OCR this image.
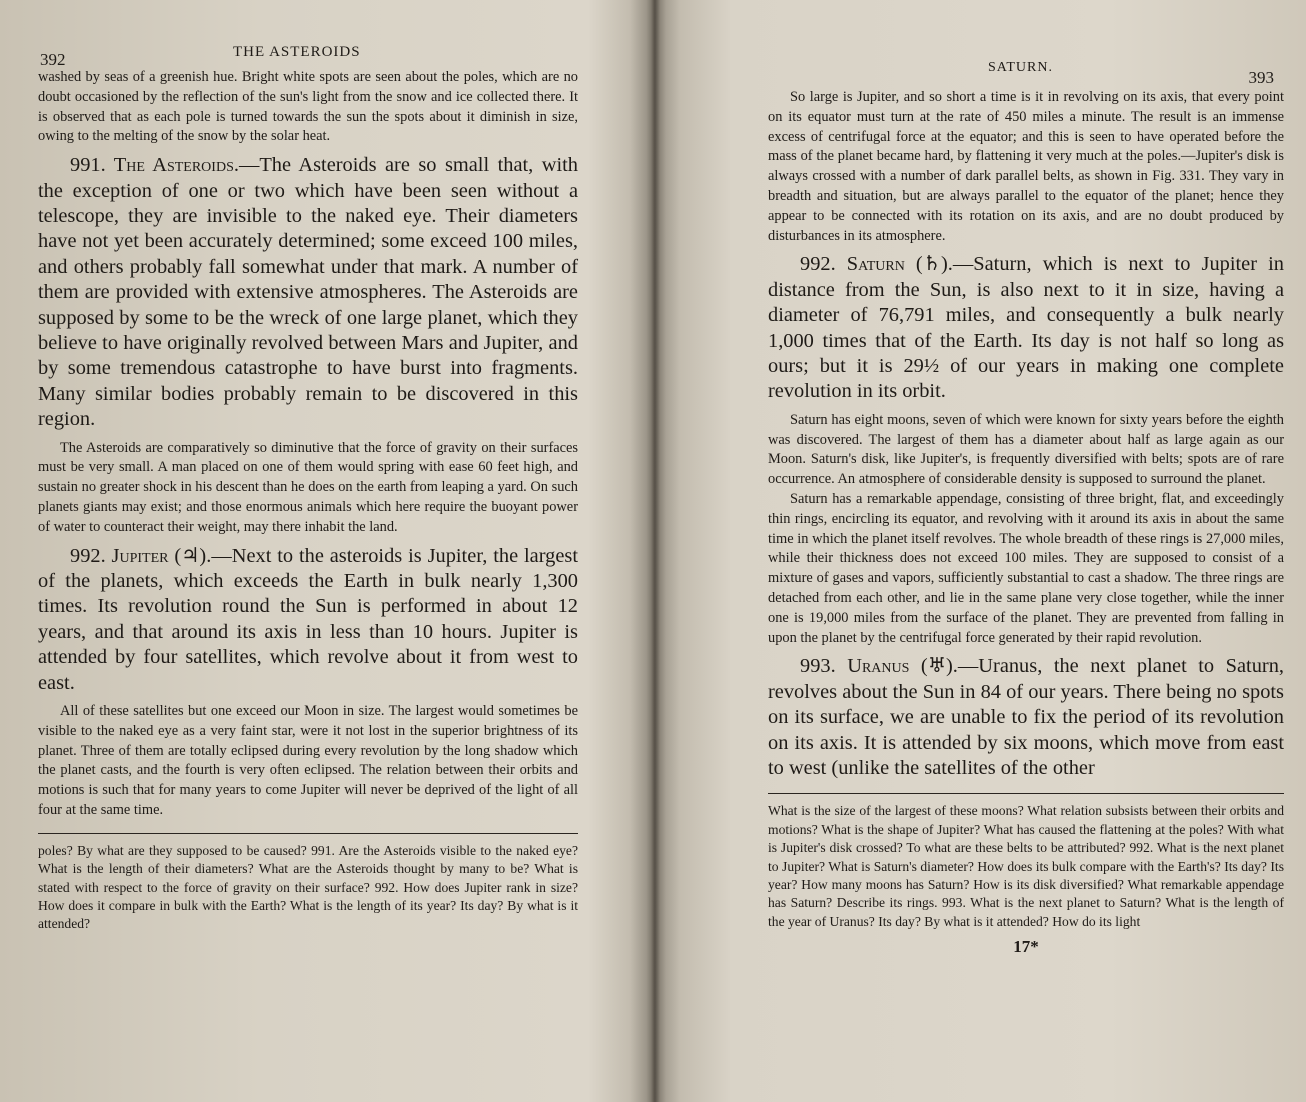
392	THE ASTEROIDS

washed by seas of a greenish hue. Bright white spots are seen about the poles, which are no doubt occasioned by the reflection of the sun's light from the snow and ice collected there. It is observed that as each pole is turned towards the sun the spots about it diminish in size, owing to the melting of the snow by the solar heat.

991. The Asteroids.—The Asteroids are so small that, with the exception of one or two which have been seen without a telescope, they are invisible to the naked eye. Their diameters have not yet been accurately determined; some exceed 100 miles, and others probably fall somewhat under that mark. A number of them are provided with extensive atmospheres. The Asteroids are supposed by some to be the wreck of one large planet, which they believe to have originally revolved between Mars and Jupiter, and by some tremendous catastrophe to have burst into fragments. Many similar bodies probably remain to be discovered in this region.

The Asteroids are comparatively so diminutive that the force of gravity on their surfaces must be very small. A man placed on one of them would spring with ease 60 feet high, and sustain no greater shock in his descent than he does on the earth from leaping a yard. On such planets giants may exist; and those enormous animals which here require the buoyant power of water to counteract their weight, may there inhabit the land.

992. Jupiter (♃).—Next to the asteroids is Jupiter, the largest of the planets, which exceeds the Earth in bulk nearly 1,300 times. Its revolution round the Sun is performed in about 12 years, and that around its axis in less than 10 hours. Jupiter is attended by four satellites, which revolve about it from west to east.

All of these satellites but one exceed our Moon in size. The largest would sometimes be visible to the naked eye as a very faint star, were it not lost in the superior brightness of its planet. Three of them are totally eclipsed during every revolution by the long shadow which the planet casts, and the fourth is very often eclipsed. The relation between their orbits and motions is such that for many years to come Jupiter will never be deprived of the light of all four at the same time.

poles? By what are they supposed to be caused? 991. Are the Asteroids visible to the naked eye? What is the length of their diameters? What are the Asteroids thought by many to be? What is stated with respect to the force of gravity on their surface? 992. How does Jupiter rank in size? How does it compare in bulk with the Earth? What is the length of its year? Its day? By what is it attended?

SATURN.
393

So large is Jupiter, and so short a time is it in revolving on its axis, that every point on its equator must turn at the rate of 450 miles a minute. The result is an immense excess of centrifugal force at the equator; and this is seen to have operated before the mass of the planet became hard, by flattening it very much at the poles.—Jupiter's disk is always crossed with a number of dark parallel belts, as shown in Fig. 331. They vary in breadth and situation, but are always parallel to the equator of the planet; hence they appear to be connected with its rotation on its axis, and are no doubt produced by disturbances in its atmosphere.

992. Saturn (♄).—Saturn, which is next to Jupiter in distance from the Sun, is also next to it in size, having a diameter of 76,791 miles, and consequently a bulk nearly 1,000 times that of the Earth. Its day is not half so long as ours; but it is 29½ of our years in making one complete revolution in its orbit.

Saturn has eight moons, seven of which were known for sixty years before the eighth was discovered. The largest of them has a diameter about half as large again as our Moon. Saturn's disk, like Jupiter's, is frequently diversified with belts; spots are of rare occurrence. An atmosphere of considerable density is supposed to surround the planet.

Saturn has a remarkable appendage, consisting of three bright, flat, and exceedingly thin rings, encircling its equator, and revolving with it around its axis in about the same time in which the planet itself revolves. The whole breadth of these rings is 27,000 miles, while their thickness does not exceed 100 miles. They are supposed to consist of a mixture of gases and vapors, sufficiently substantial to cast a shadow. The three rings are detached from each other, and lie in the same plane very close together, while the inner one is 19,000 miles from the surface of the planet. They are prevented from falling in upon the planet by the centrifugal force generated by their rapid revolution.

993. Uranus (♅).—Uranus, the next planet to Saturn, revolves about the Sun in 84 of our years. There being no spots on its surface, we are unable to fix the period of its revolution on its axis. It is attended by six moons, which move from east to west (unlike the satellites of the other

What is the size of the largest of these moons? What relation subsists between their orbits and motions? What is the shape of Jupiter? What has caused the flattening at the poles? With what is Jupiter's disk crossed? To what are these belts to be attributed? 992. What is the next planet to Jupiter? What is Saturn's diameter? How does its bulk compare with the Earth's? Its day? Its year? How many moons has Saturn? How is its disk diversified? What remarkable appendage has Saturn? Describe its rings. 993. What is the next planet to Saturn? What is the length of the year of Uranus? Its day? By what is it attended? How do its light

17*
